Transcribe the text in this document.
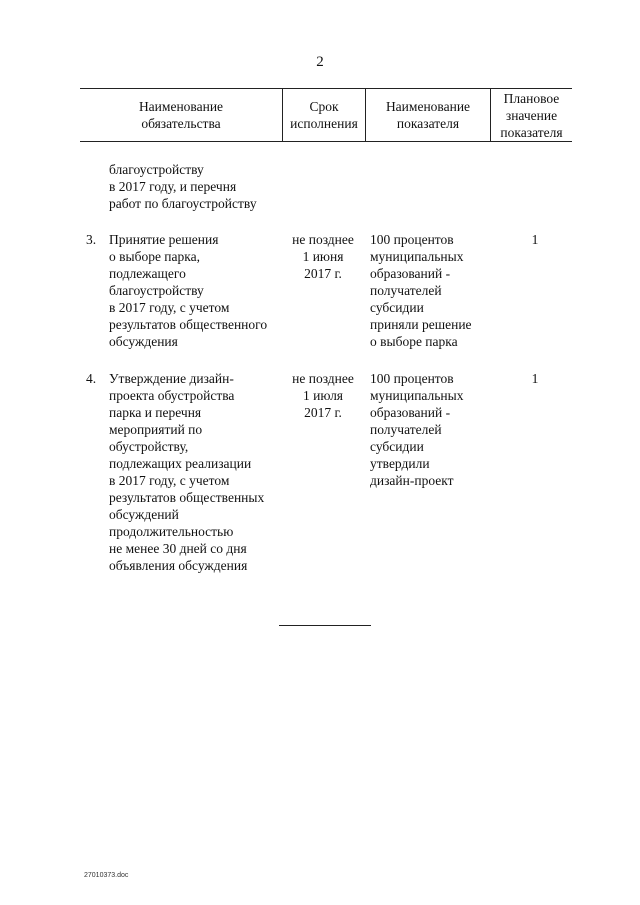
2
Наименование
обязательства
Срок
исполнения
Наименование
показателя
Плановое
значение
показателя
благоустройству
в 2017 году, и перечня
работ по благоустройству
3. Принятие решения
о выборе парка,
подлежащего
благоустройству
в 2017 году, с учетом
результатов общественного обсуждения
не позднее
1 июня
2017 г.
100 процентов
муниципальных
образований -
получателей
субсидии
приняли решение
о выборе парка
1
4. Утверждение дизайн-
проекта обустройства
парка и перечня
мероприятий по
обустройству,
подлежащих реализации
в 2017 году, с учетом
результатов общественных обсуждений
продолжительностью
не менее 30 дней со дня
объявления обсуждения
не позднее
1 июля
2017 г.
100 процентов
муниципальных
образований -
получателей
субсидии
утвердили
дизайн-проект
1
27010373.doc
